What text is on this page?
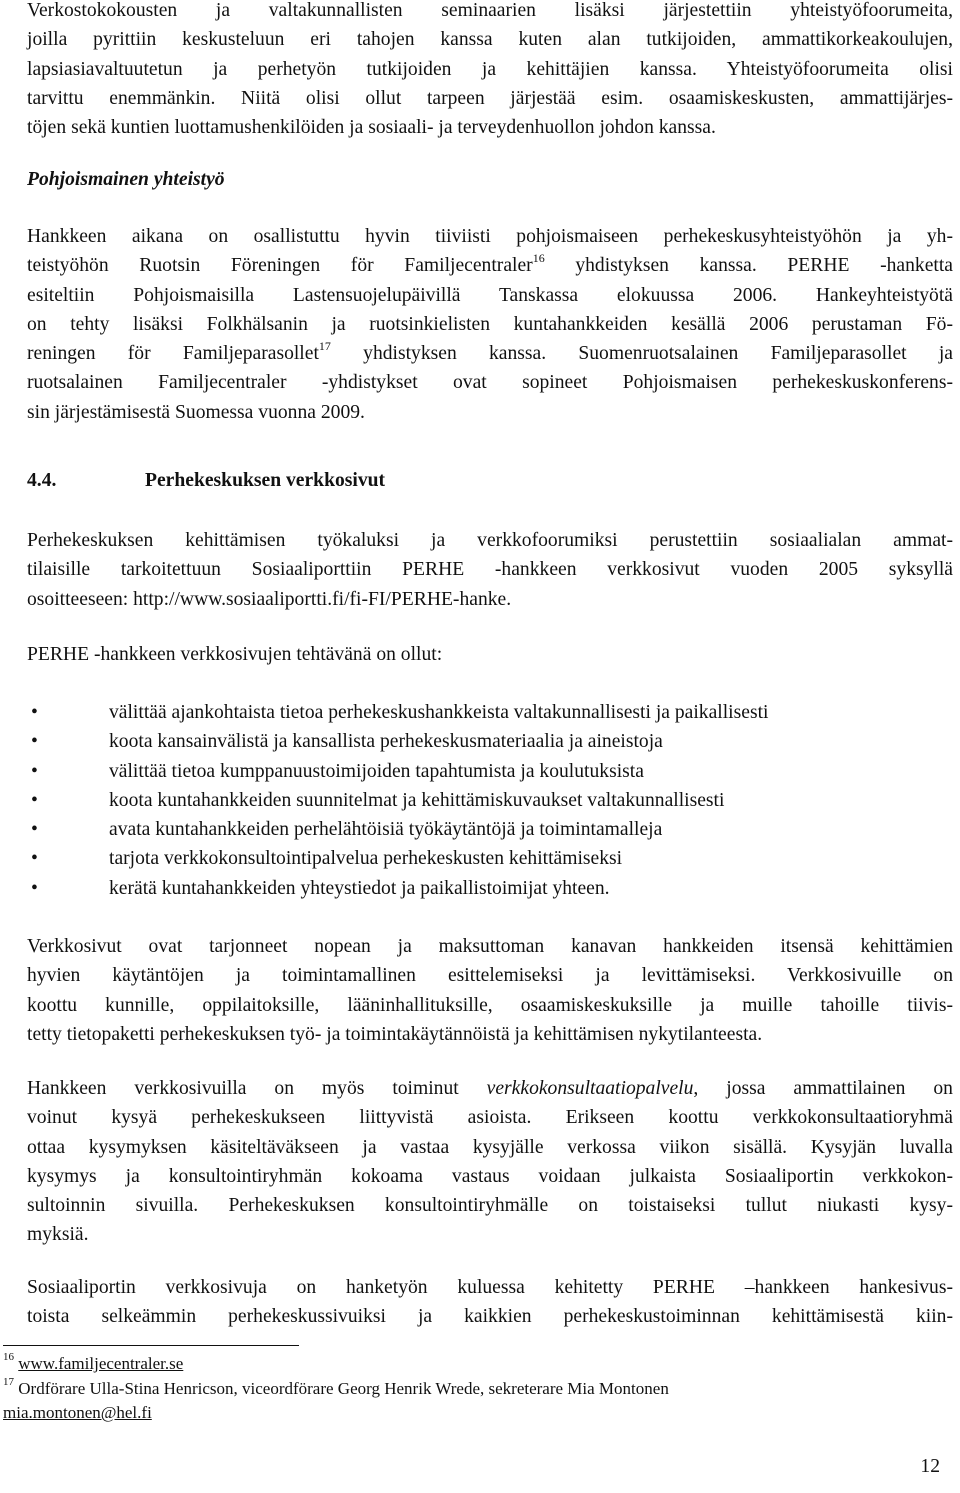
Verkostokokousten ja valtakunnallisten seminaarien lisäksi järjestettiin yhteistyöfoorumeita,
joilla pyrittiin keskusteluun eri tahojen kanssa kuten alan tutkijoiden, ammattikorkeakoulujen,
lapsiasiavaltuutetun ja perhetyön tutkijoiden ja kehittäjien kanssa. Yhteistyöfoorumeita olisi
tarvittu enemmänkin. Niitä olisi ollut tarpeen järjestää esim. osaamiskeskusten, ammattijärjes-
töjen sekä kuntien luottamushenkilöiden ja sosiaali- ja terveydenhuollon johdon kanssa.
Pohjoismainen yhteistyö
Hankkeen aikana on osallistuttu hyvin tiiviisti pohjoismaiseen perhekeskusyhteistyöhön ja yh-
teistyöhön Ruotsin Föreningen för Familjecentraler$^{16}$ yhdistyksen kanssa. PERHE -hanketta
esiteltiin Pohjoismaisilla Lastensuojelupäivillä Tanskassa elokuussa 2006. Hankeyhteistyötä
on tehty lisäksi Folkhälsanin ja ruotsinkielisten kuntahankkeiden kesällä 2006 perustaman Fö-
reningen för Familjeparasollet$^{17}$ yhdistyksen kanssa. Suomenruotsalainen Familjeparasollet ja
ruotsalainen Familjecentraler -yhdistykset ovat sopineet Pohjoismaisen perhekeskuskonferens-
sin järjestämisestä Suomessa vuonna 2009.
4.4.	Perhekeskuksen verkkosivut
Perhekeskuksen kehittämisen työkaluksi ja verkkofoorumiksi perustettiin sosiaalialan ammat-
tilaisille tarkoitettuun Sosiaaliporttiin PERHE -hankkeen verkkosivut vuoden 2005 syksyllä
osoitteeseen: http://www.sosiaaliportti.fi/fi-FI/PERHE-hanke.
PERHE -hankkeen verkkosivujen tehtävänä on ollut:
•	välittää ajankohtaista tietoa perhekeskushankkeista valtakunnallisesti ja paikallisesti
•	koota kansainvälistä ja kansallista perhekeskusmateriaalia ja aineistoja
•	välittää tietoa kumppanuustoimijoiden tapahtumista ja koulutuksista
•	koota kuntahankkeiden suunnitelmat ja kehittämiskuvaukset valtakunnallisesti
•	avata kuntahankkeiden perhelähtöisiä työkäytäntöjä ja toimintamalleja
•	tarjota verkkokonsultointipalvelua perhekeskusten kehittämiseksi
•	kerätä kuntahankkeiden yhteystiedot ja paikallistoimijat yhteen.
Verkkosivut ovat tarjonneet nopean ja maksuttoman kanavan hankkeiden itsensä kehittämien
hyvien käytäntöjen ja toimintamallinen esittelemiseksi ja levittämiseksi. Verkkosivuille on
koottu kunnille, oppilaitoksille, lääninhallituksille, osaamiskeskuksille ja muille tahoille tiivis-
tetty tietopaketti perhekeskuksen työ- ja toimintakäytännöistä ja kehittämisen nykytilanteesta.
Hankkeen verkkosivuilla on myös toiminut verkkokonsultaatiopalvelu, jossa ammattilainen on
voinut kysyä perhekeskukseen liittyvistä asioista. Erikseen koottu verkkokonsultaatioryhmä
ottaa kysymyksen käsiteltäväkseen ja vastaa kysyjälle verkossa viikon sisällä. Kysyjän luvalla
kysymys ja konsultointiryhmän kokoama vastaus voidaan julkaista Sosiaaliportin verkkokon-
sultoinnin sivuilla. Perhekeskuksen konsultointiryhmälle on toistaiseksi tullut niukasti kysy-
myksiä.
Sosiaaliportin verkkosivuja on hanketyön kuluessa kehitetty PERHE –hankkeen hankesivus-
toista selkeämmin perhekeskussivuiksi ja kaikkien perhekeskustoiminnan kehittämisestä kiin-
$^{16}$ www.familjecentraler.se
$^{17}$ Ordförare Ulla-Stina Henricson, viceordförare Georg Henrik Wrede, sekreterare Mia Montonen
mia.montonen@hel.fi
12
